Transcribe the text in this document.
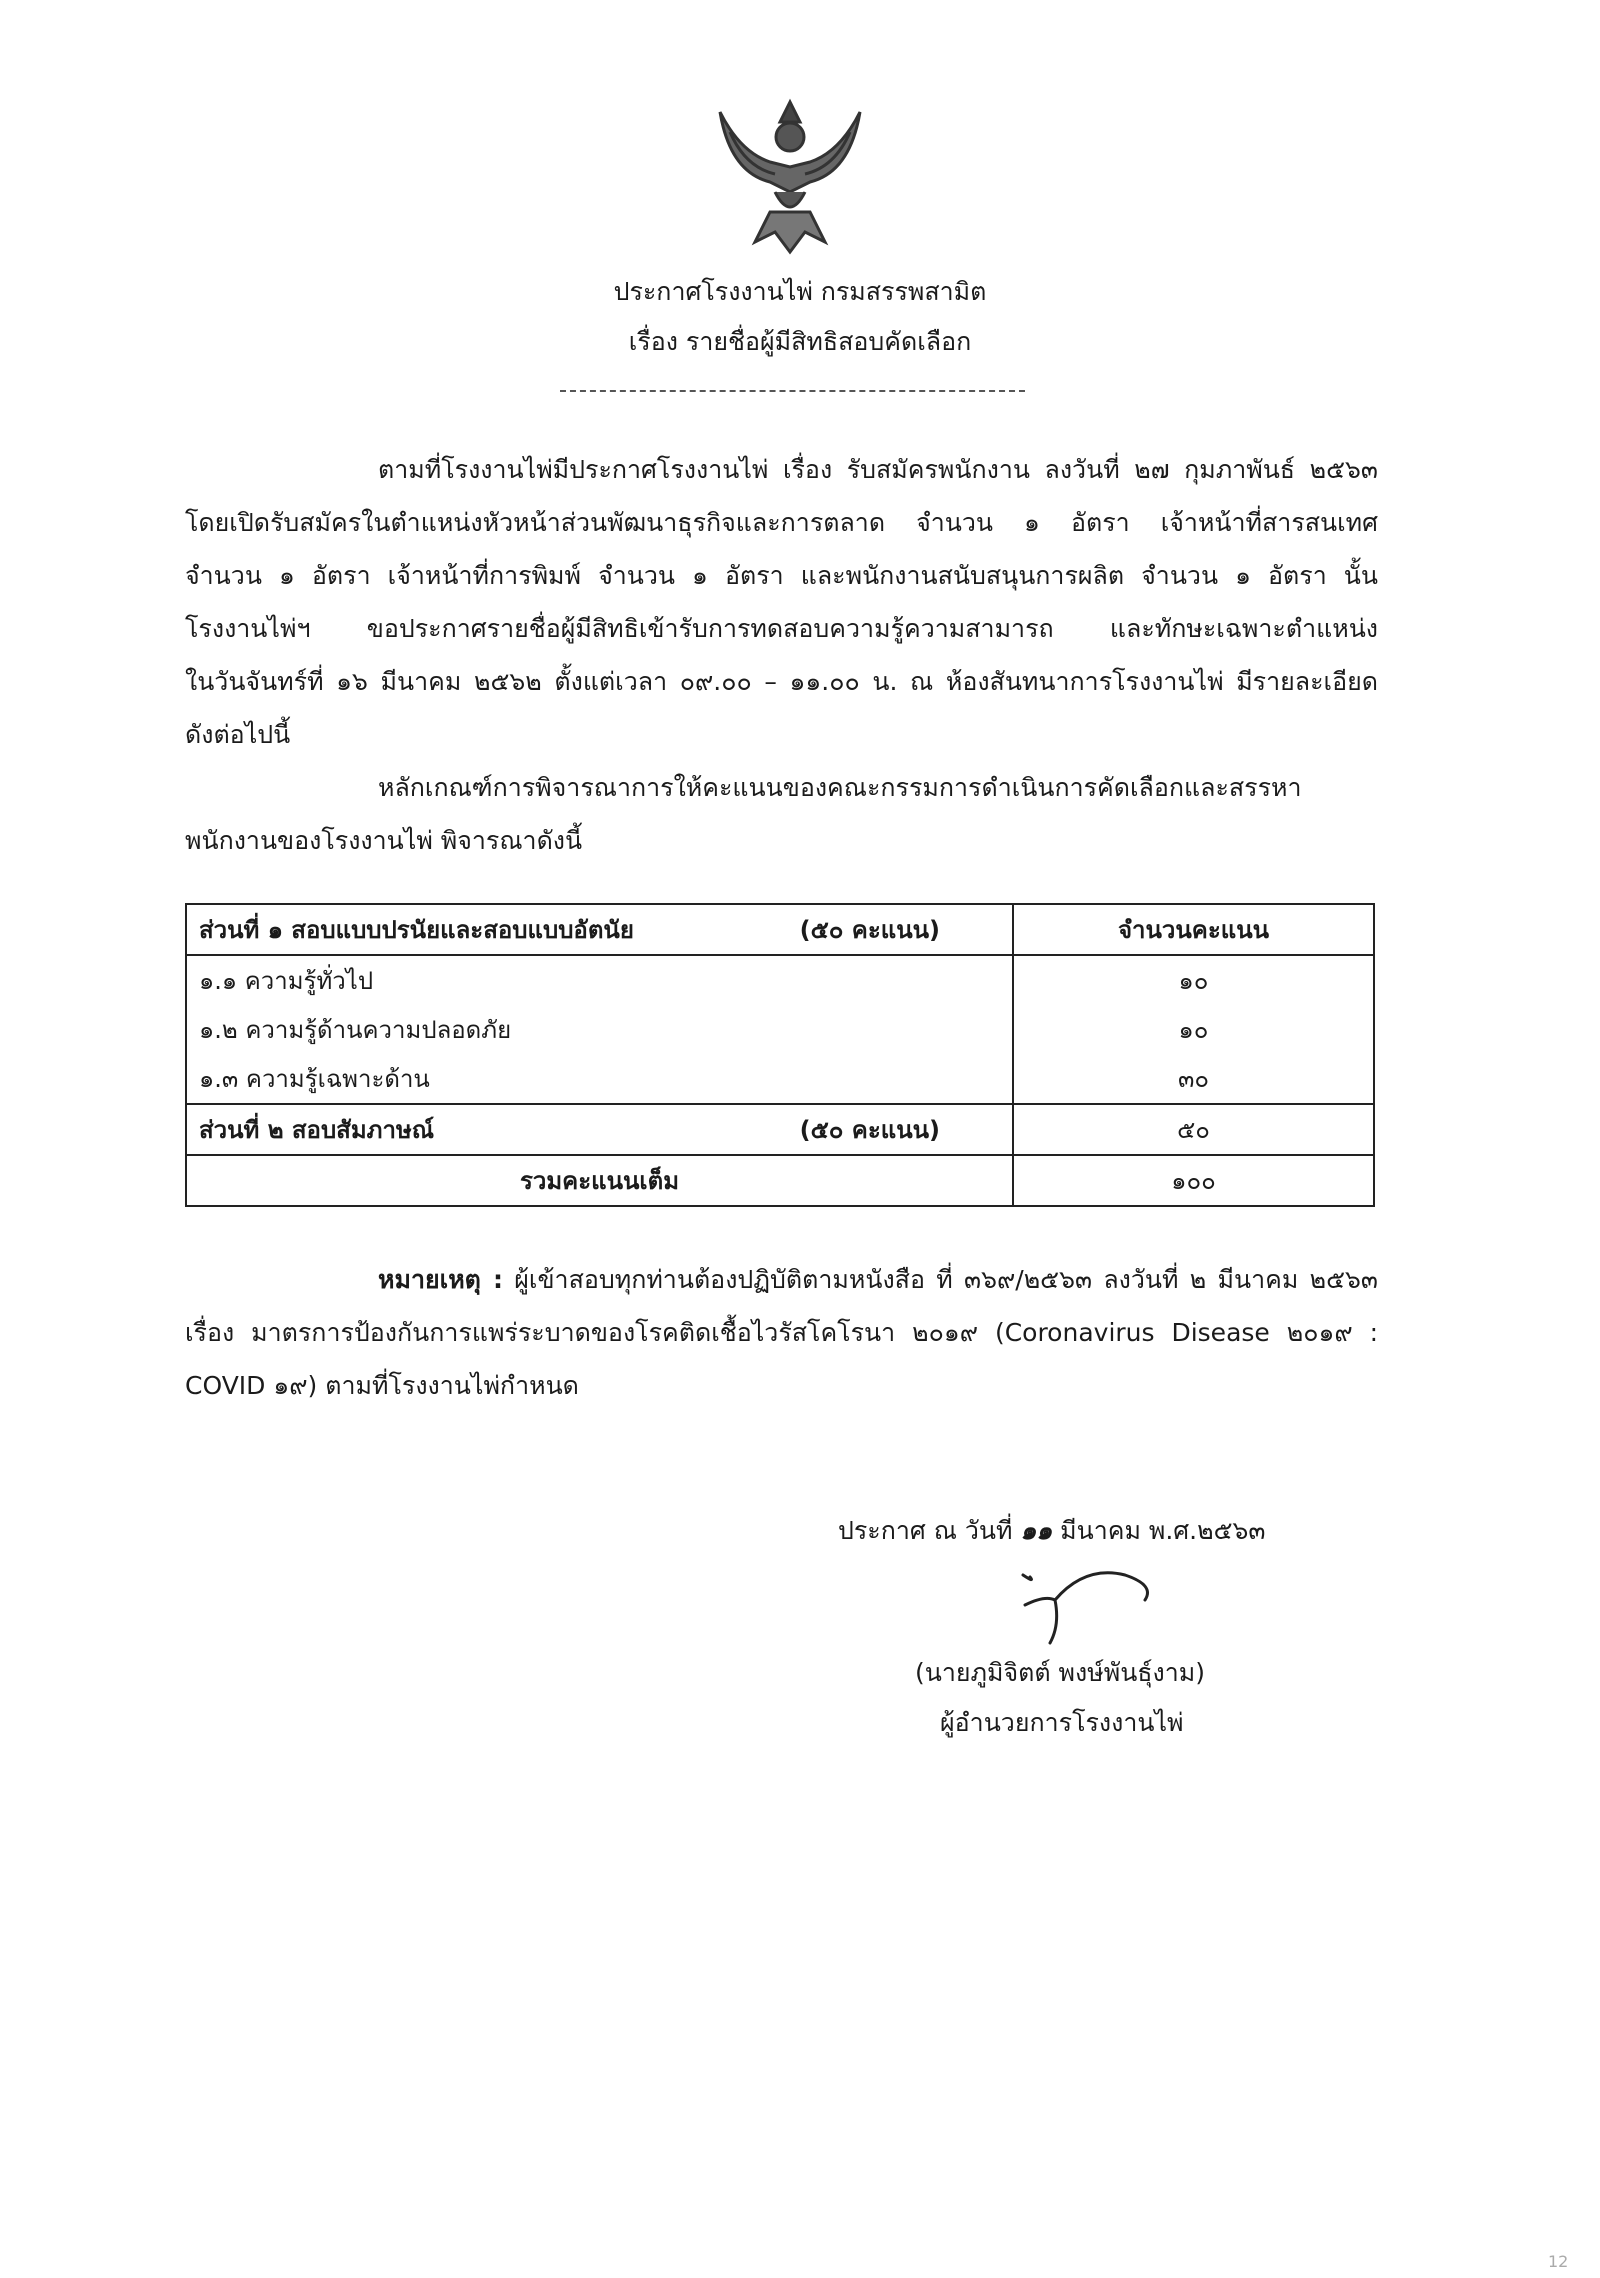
ประกาศโรงงานไพ่ กรมสรรพสามิต
เรื่อง รายชื่อผู้มีสิทธิสอบคัดเลือก
ตามที่โรงงานไพ่มีประกาศโรงงานไพ่ เรื่อง รับสมัครพนักงาน ลงวันที่ ๒๗ กุมภาพันธ์ ๒๕๖๓
โดยเปิดรับสมัครในตำแหน่งหัวหน้าส่วนพัฒนาธุรกิจและการตลาด จำนวน ๑ อัตรา เจ้าหน้าที่สารสนเทศ
จำนวน ๑ อัตรา เจ้าหน้าที่การพิมพ์ จำนวน ๑ อัตรา และพนักงานสนับสนุนการผลิต จำนวน ๑ อัตรา นั้น
โรงงานไพ่ฯ ขอประกาศรายชื่อผู้มีสิทธิเข้ารับการทดสอบความรู้ความสามารถ และทักษะเฉพาะตำแหน่ง
ในวันจันทร์ที่ ๑๖ มีนาคม ๒๕๖๒ ตั้งแต่เวลา ๐๙.๐๐ – ๑๑.๐๐ น. ณ ห้องสันทนาการโรงงานไพ่ มีรายละเอียด
ดังต่อไปนี้
หลักเกณฑ์การพิจารณาการให้คะแนนของคณะกรรมการดำเนินการคัดเลือกและสรรหา
พนักงานของโรงงานไพ่ พิจารณาดังนี้
ส่วนที่ ๑ สอบแบบปรนัยและสอบแบบอัตนัย (๕๐ คะแนน)	จำนวนคะแนน
๑.๑ ความรู้ทั่วไป	๑๐
๑.๒ ความรู้ด้านความปลอดภัย	๑๐
๑.๓ ความรู้เฉพาะด้าน	๓๐

ส่วนที่ ๒ สอบสัมภาษณ์ (๕๐ คะแนน)	๕๐
รวมคะแนนเต็ม	๑๐๐
หมายเหตุ : ผู้เข้าสอบทุกท่านต้องปฏิบัติตามหนังสือ ที่ ๓๖๙/๒๕๖๓ ลงวันที่ ๒ มีนาคม ๒๕๖๓
เรื่อง มาตรการป้องกันการแพร่ระบาดของโรคติดเชื้อไวรัสโคโรนา ๒๐๑๙ (Coronavirus Disease ๒๐๑๙ :
COVID ๑๙) ตามที่โรงงานไพ่กำหนด
ประกาศ ณ วันที่ ๑๑ มีนาคม พ.ศ.๒๕๖๓
(นายภูมิจิตต์ พงษ์พันธุ์งาม)
ผู้อำนวยการโรงงานไพ่
12
